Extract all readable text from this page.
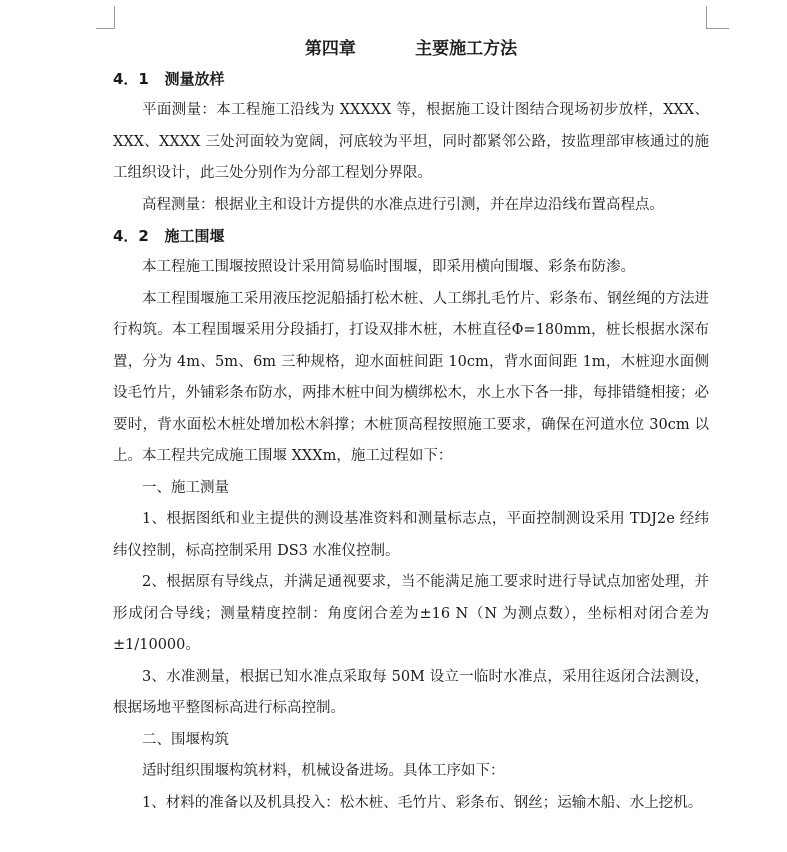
第四章          主要施工方法
4．1   测量放样

平面测量：本工程施工沿线为 XXXXX 等，根据施工设计图结合现场初步放样，XXX、XXX、XXXX 三处河面较为宽阔，河底较为平坦，同时都紧邻公路，按监理部审核通过的施工组织设计，此三处分别作为分部工程划分界限。

高程测量：根据业主和设计方提供的水准点进行引测，并在岸边沿线布置高程点。

4．2   施工围堰

本工程施工围堰按照设计采用简易临时围堰，即采用横向围堰、彩条布防渗。

本工程围堰施工采用液压挖泥船插打松木桩、人工绑扎毛竹片、彩条布、钢丝绳的方法进行构筑。本工程围堰采用分段插打，打设双排木桩，木桩直径Φ=180mm，桩长根据水深布置，分为 4m、5m、6m 三种规格，迎水面桩间距 10cm，背水面间距 1m，木桩迎水面侧设毛竹片，外铺彩条布防水，两排木桩中间为横绑松木，水上水下各一排，每排错缝相接；必要时，背水面松木桩处增加松木斜撑；木桩顶高程按照施工要求，确保在河道水位 30cm 以上。本工程共完成施工围堰 XXXm，施工过程如下：

一、施工测量

1、根据图纸和业主提供的测设基准资料和测量标志点，平面控制测设采用 TDJ2e 经纬纬仪控制，标高控制采用 DS3 水准仪控制。

2、根据原有导线点，并满足通视要求，当不能满足施工要求时进行导试点加密处理，并形成闭合导线；测量精度控制：角度闭合差为±16 N（N 为测点数），坐标相对闭合差为±1/10000。

3、水准测量，根据已知水准点采取每 50M 设立一临时水准点，采用往返闭合法测设，根据场地平整图标高进行标高控制。

二、围堰构筑

适时组织围堰构筑材料，机械设备进场。具体工序如下：

1、材料的准备以及机具投入：松木桩、毛竹片、彩条布、钢丝；运输木船、水上挖机。
